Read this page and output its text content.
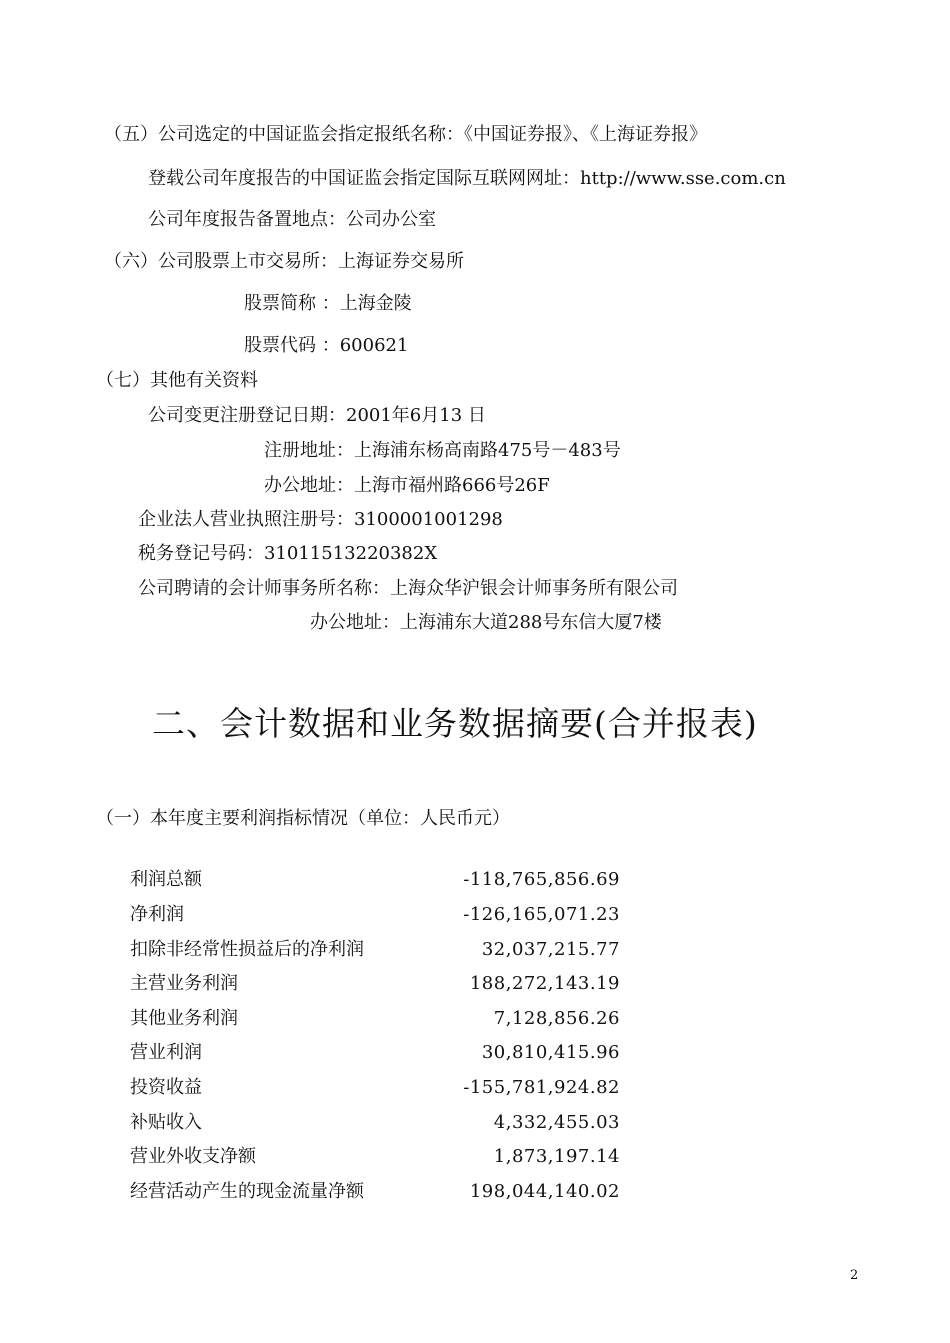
（五）公司选定的中国证监会指定报纸名称：《中国证券报》、《上海证券报》
登载公司年度报告的中国证监会指定国际互联网网址：http://www.sse.com.cn
公司年度报告备置地点：公司办公室
（六）公司股票上市交易所：上海证券交易所
股票简称 ：上海金陵
股票代码 ：600621
（七）其他有关资料
公司变更注册登记日期：2001年6月13 日
注册地址：上海浦东杨高南路475号－483号
办公地址：上海市福州路666号26F
企业法人营业执照注册号：3100001001298
税务登记号码：31011513220382X
公司聘请的会计师事务所名称：上海众华沪银会计师事务所有限公司
办公地址：上海浦东大道288号东信大厦7楼
二、会计数据和业务数据摘要(合并报表)
（一）本年度主要利润指标情况（单位：人民币元）
利润总额	-118,765,856.69
净利润	-126,165,071.23
扣除非经常性损益后的净利润	32,037,215.77
主营业务利润	188,272,143.19
其他业务利润	7,128,856.26
营业利润	30,810,415.96
投资收益	-155,781,924.82
补贴收入	4,332,455.03
营业外收支净额	1,873,197.14
经营活动产生的现金流量净额	198,044,140.02
2
